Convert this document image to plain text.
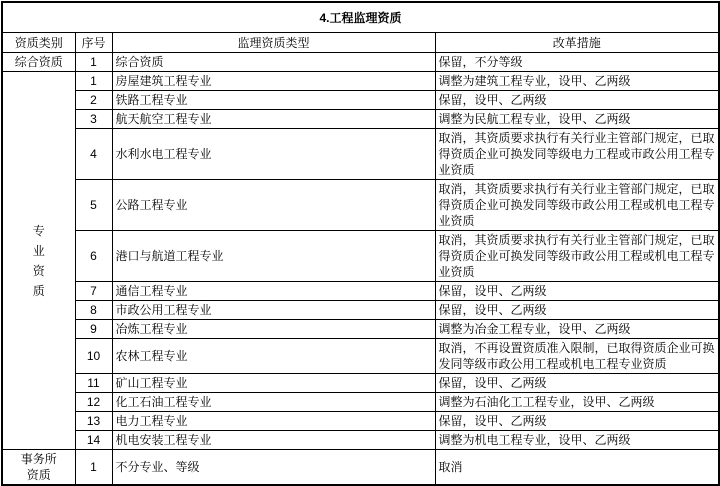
4.工程监理资质			
资质类别	序号	监理资质类型	改革措施
综合资质	1	综合资质	保留，不分等级

专业资质	1	房屋建筑工程专业	调整为建筑工程专业，设甲、乙两级
	2	铁路工程专业	保留，设甲、乙两级
	3	航天航空工程专业	调整为民航工程专业，设甲、乙两级
	4	水利水电工程专业	取消，其资质要求执行有关行业主管部门规定，已取得资质企业可换发同等级电力工程或市政公用工程专业资质
	5	公路工程专业	取消，其资质要求执行有关行业主管部门规定，已取得资质企业可换发同等级市政公用工程或机电工程专业资质
	6	港口与航道工程专业	取消，其资质要求执行有关行业主管部门规定，已取得资质企业可换发同等级市政公用工程或机电工程专业资质
	7	通信工程专业	保留，设甲、乙两级
	8	市政公用工程专业	保留，设甲、乙两级
	9	冶炼工程专业	调整为冶金工程专业，设甲、乙两级
	10	农林工程专业	取消，不再设置资质准入限制，已取得资质企业可换发同等级市政公用工程或机电工程专业资质
	11	矿山工程专业	保留，设甲、乙两级
	12	化工石油工程专业	调整为石油化工工程专业，设甲、乙两级
	13	电力工程专业	保留，设甲、乙两级
	14	机电安装工程专业	调整为机电工程专业，设甲、乙两级

事务所资质	1	不分专业、等级	取消
